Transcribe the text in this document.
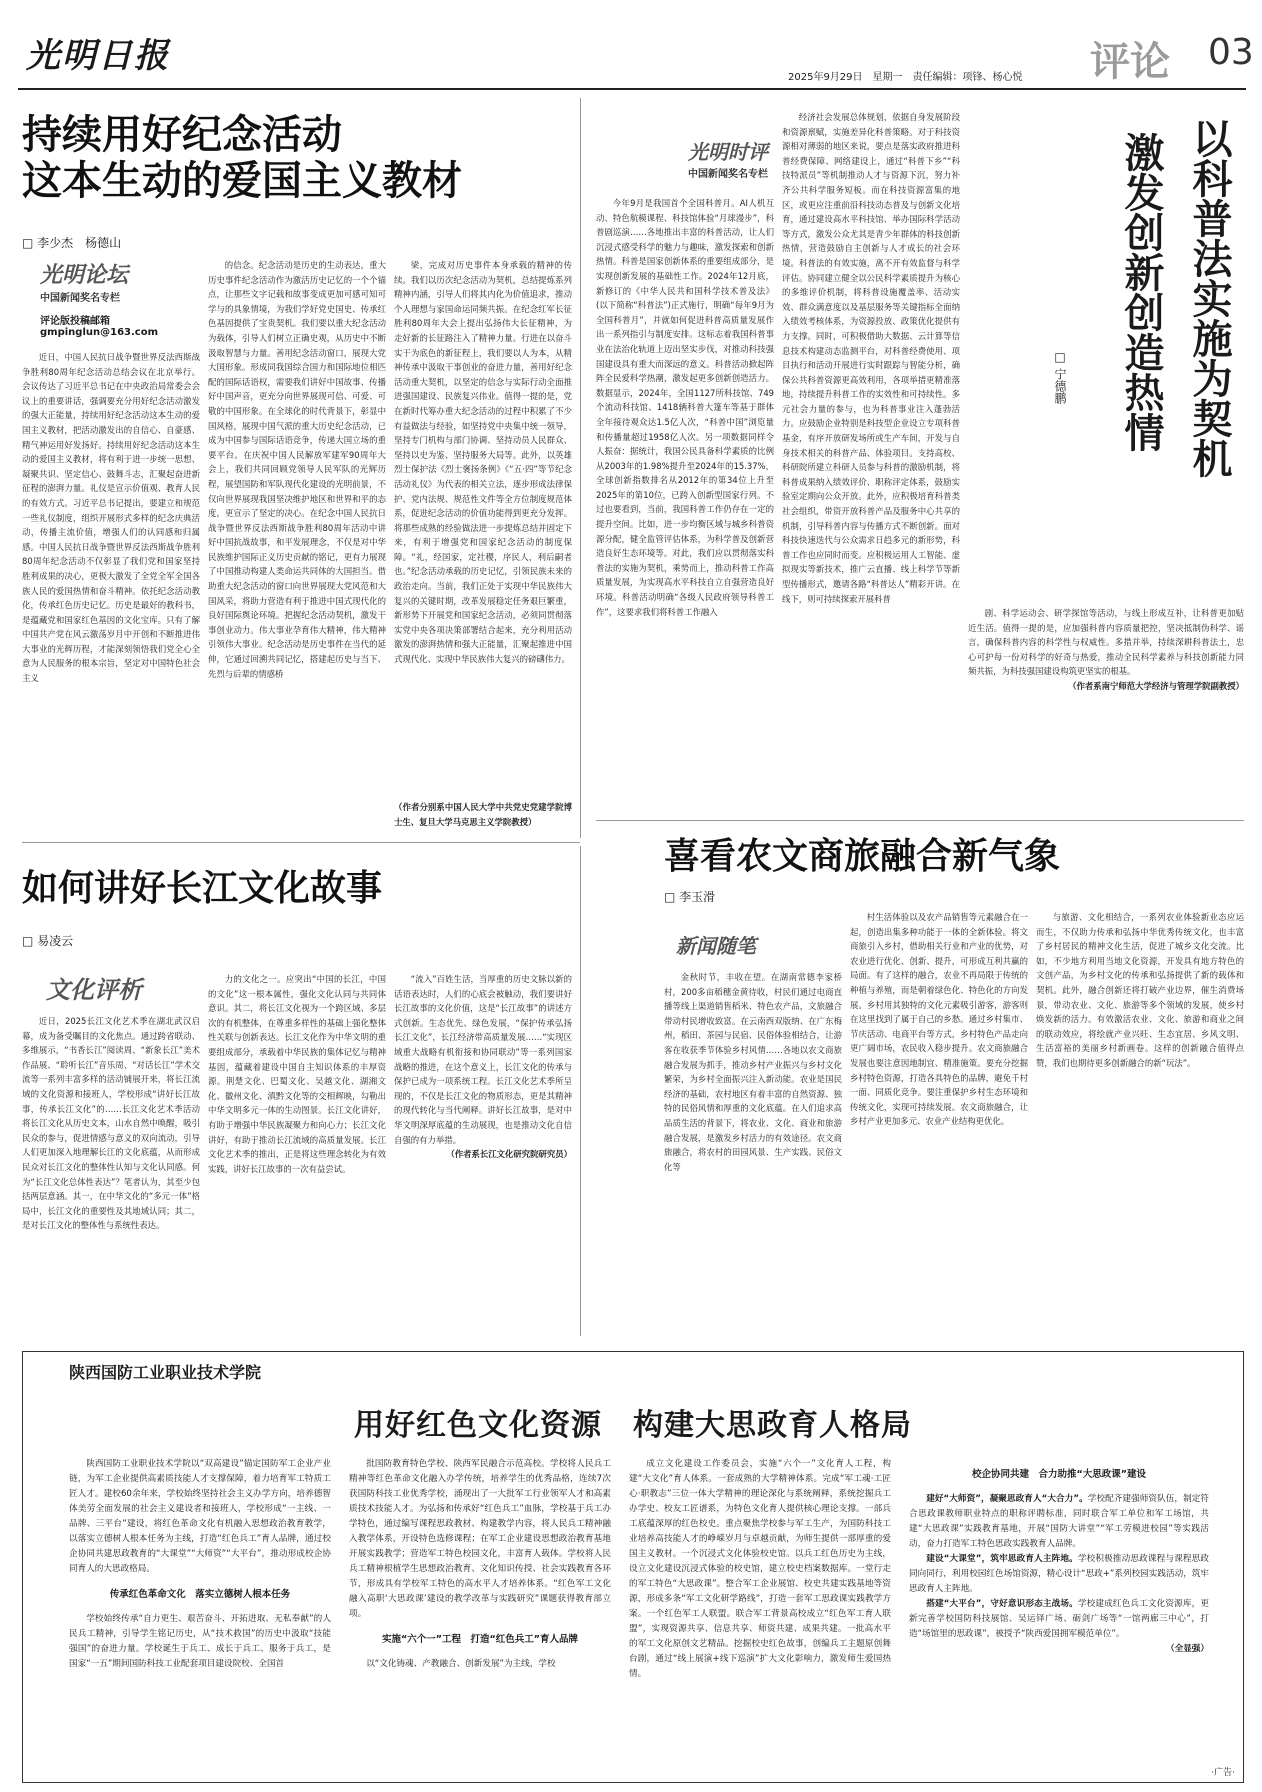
光明日报
2025年9月29日　星期一　责任编辑：项锋、杨心悦 评论 03
持续用好纪念活动
这本生动的爱国主义教材
□ 李少杰　杨德山
光明论坛
中国新闻奖名专栏
评论版投稿邮箱
gmpinglun@163.com

近日，中国人民抗日战争暨世界反法西斯战争胜利80周年纪念活动总结会议在北京举行。会议传达了习近平总书记在中央政治局常委会会议上的重要讲话，强调要充分用好纪念活动激发的强大正能量，持续用好纪念活动这本生动的爱国主义教材，把活动激发出的自信心、自豪感、精气神运用好发扬好。持续用好纪念活动这本生动的爱国主义教材，将有利于进一步统一思想、凝聚共识、坚定信心、鼓舞斗志，汇聚起奋进新征程的澎湃力量。礼仪是宣示价值观、教育人民的有效方式。习近平总书记提出，要建立和规范一些礼仪制度，组织开展形式多样的纪念庆典活动，传播主流价值，增强人们的认同感和归属感。中国人民抗日战争暨世界反法西斯战争胜利80周年纪念活动不仅彰显了我们党和国家坚持胜利成果的决心，更极大激发了全党全军全国各族人民的爱国热情和奋斗精神。依托纪念活动教化，传承红色历史记忆。历史是最好的教科书，是蕴藏党和国家红色基因的文化宝库。只有了解中国共产党在风云激荡岁月中开创和不断推进伟大事业的光辉历程，才能深刻领悟我们党全心全意为人民服务的根本宗旨，坚定对中国特色社会主义

的信念。纪念活动是历史的生动表达，重大历史事件纪念活动作为激活历史记忆的一个个锚点，让那些文字记载和故事变成更加可感可知可学与的具象情境，为我们学好党史国史、传承红色基因提供了宝贵契机。我们要以重大纪念活动为载体，引导人们树立正确史观，从历史中不断汲取智慧与力量。善用纪念活动窗口，展现大党大国形象。形成同我国综合国力和国际地位相匹配的国际话语权，需要我们讲好中国故事、传播好中国声音，更充分向世界展现可信、可爱、可敬的中国形象。在全球化的时代背景下，彰显中国风格，展现中国气派的重大历史纪念活动，已成为中国参与国际话语竞争，传递大国立场的重要平台。在庆祝中国人民解放军建军90周年大会上，我们共同回顾党领导人民军队的光辉历程，展望国防和军队现代化建设的光明前景，不仅向世界展现我国坚决维护地区和世界和平的态度，更宣示了坚定的决心。在纪念中国人民抗日战争暨世界反法西斯战争胜利80周年活动中讲好中国抗战故事，和平发展理念，不仅是对中华民族维护国际正义历史贡献的铭记，更有力展现了中国推动构建人类命运共同体的大国担当。借助重大纪念活动的窗口向世界展现大党风范和大国风采，将助力营造有利于推进中国式现代化的良好国际舆论环境。把握纪念活动契机，激发干事创业动力。伟大事业孕育伟大精神，伟大精神引领伟大事业。纪念活动是历史事件在当代的延伸，它通过回溯共同记忆，搭建起历史与当下、先烈与后辈的情感桥

梁，完成对历史事件本身承载的精神的传续。我们以历次纪念活动为契机，总结提炼系列精神内涵，引导人们将其内化为价值追求，推动个人理想与家国命运同频共振。在纪念红军长征胜利80周年大会上提出弘扬伟大长征精神，为走好新的长征路注入了精神力量。行进在以奋斗实干为底色的新征程上，我们要以人为本，从精神传承中汲取干事创业的奋进力量，善用好纪念活动重大契机，以坚定的信念与实际行动全面推进强国建设、民族复兴伟业。值得一提的是，党在新时代筹办重大纪念活动的过程中积累了不少有益做法与经验，如坚持党中央集中统一领导，坚持专门机构与部门协调、坚持动员人民群众、坚持以史为鉴、坚持服务大局等。此外，以英雄烈士保护法《烈士褒扬条例》《“五·四”等节纪念活动礼仪》为代表的相关立法，逐步形成法律保护、党内法规、规范性文件等全方位制度规范体系，促进纪念活动的价值功能得到更充分发挥。将那些成熟的经验做法进一步提炼总结并固定下来，有利于增强党和国家纪念活动的制度保障。“礼，经国家，定社稷，序民人，利后嗣者也。”纪念活动承载的历史记忆，引领民族未来的政治走向。当前，我们正处于实现中华民族伟大复兴的关键时期，改革发展稳定任务艰巨繁重，新形势下开展党和国家纪念活动，必须同贯彻落实党中央各项决策部署结合起来，充分利用活动激发的澎湃热情和强大正能量，汇聚起推进中国式现代化、实现中华民族伟大复兴的磅礴伟力。

（作者分别系中国人民大学中共党史党建学院博士生、复旦大学马克思主义学院教授）
光明时评
中国新闻奖名专栏

今年9月是我国首个全国科普月。AI人机互动、特色航模课程、科技馆体验“月球漫步”，科普剧巡演……各地推出丰富的科普活动，让人们沉浸式感受科学的魅力与趣味，激发探索和创新热情。科普是国家创新体系的重要组成部分，是实现创新发展的基础性工作。2024年12月底，新修订的《中华人民共和国科学技术普及法》(以下简称“科普法”)正式施行，明确“每年9月为全国科普月”，并就如何促进科普高质量发展作出一系列指引与制度安排。这标志着我国科普事业在法治化轨道上迈出坚实步伐，对推动科技强国建设具有重大而深远的意义。科普活动掀起阵阵全民爱科学热潮，激发起更多创新创造活力。数据显示，2024年，全国1127所科技馆、749个流动科技馆、1418辆科普大篷车等基于群体全年接待观众达1.5亿人次，“科普中国”浏览量和传播量超过1958亿人次。另一项数据同样令人振奋：据统计，我国公民具备科学素质的比例从2003年的1.98%提升至2024年的15.37%，全球创新指数排名从2012年的第34位上升至2025年的第10位，已跨入创新型国家行列。不过也要看到，当前，我国科普工作仍存在一定的提升空间。比如，进一步均衡区域与城乡科普资源分配，健全监管评估体系，为科学普及创新营造良好生态环境等。对此，我们应以贯彻落实科普法的实施为契机，乘势而上，推动科普工作高质量发展，为实现高水平科技自立自强营造良好环境。科普活动明确“各级人民政府领导科普工作”，这要求我们将科普工作融入

经济社会发展总体规划，依据自身发展阶段和资源禀赋，实施差异化科普策略。对于科技资源相对薄弱的地区来说，要点是落实政府推进科普经费保障、网络建设上，通过“科普下乡”“科技特派员”等机制推动人才与资源下沉，努力补齐公共科学服务短板。而在科技资源富集的地区，或更应注重前沿科技动态普及与创新文化培育，通过建设高水平科技馆、举办国际科学活动等方式，激发公众尤其是青少年群体的科技创新热情，营造鼓励自主创新与人才成长的社会环境。科普法的有效实施，离不开有效监督与科学评估。协同建立健全以公民科学素质提升为核心的多维评价机制，将科普设施覆盖率、活动实效、群众满意度以及基层服务等关键指标全面纳入绩效考核体系，为资源投放、政策优化提供有力支撑。同时，可积极借助大数据、云计算等信息技术构建动态监测平台，对科普经费使用、项目执行和活动开展进行实时跟踪与智能分析，确保公共科普资源更高效利用，各项举措更精准落地，持续提升科普工作的实效性和可持续性。多元社会力量的参与，也为科普事业注入蓬勃活力。应鼓励企业特别是科技型企业设立专项科普基金，有序开放研发场所或生产车间，开发与自身技术相关的科普产品、体验项目。支持高校、科研院所建立科研人员参与科普的激励机制，将科普成果纳入绩效评价、职称评定体系，鼓励实验室定期向公众开放。此外，应积极培育科普类社会组织，带资开放科普产品及服务中心共享的机制，引导科普内容与传播方式不断创新。面对科技快速迭代与公众需求日趋多元的新形势，科普工作也应同时而变。应积极运用人工智能、虚拟现实等新技术，推广云直播、线上科学节等新型传播形式，邀请各路“科普达人”精彩开讲。在线下，则可持续探索开展科普

剧、科学运动会、研学探馆等活动，与线上形成互补，让科普更加贴近生活。值得一提的是，应加强科普内容质量把控，坚决抵制伪科学、谣言，确保科普内容的科学性与权威性。多措并举，持续深耕科普法土，忠心可护每一份对科学的好奇与热爱，推动全民科学素养与科技创新能力同频共振，为科技强国建设构筑更坚实的根基。

（作者系南宁师范大学经济与管理学院副教授）
以科普法实施为契机
激发创新创造热情
□ 宁德鹏
如何讲好长江文化故事
□ 易凌云
文化评析

近日，2025长江文化艺术季在湖北武汉启幕，成为备受瞩目的文化焦点。通过跨省联动、多维展示，“书香长江”阅读周、“新象长江”美术作品展、“聆听长江”音乐周、“对话长江”学术交流等一系列丰富多样的活动铺展开来，将长江流域的文化资源和接班人，学校形成“讲好长江故事，传承长江文化”的……长江文化艺术季活动将长江文化从历史文本，山水自然中唤醒，吸引民众的参与，促进情感与意义的双向流动，引导人们更加深入地理解长江的文化底蕴，从而形成民众对长江文化的整体性认知与文化认同感。何为“长江文化总体性表达”？笔者认为，其至少包括两层意涵。其一，在中华文化的“多元一体”格局中，长江文化的重要性及其地域认同；其二，是对长江文化的整体性与系统性表达。

力的文化之一。应突出“中国的长江，中国的文化”这一根本属性，强化文化认同与共同体意识。其二，将长江文化视为一个跨区域、多层次的有机整体，在尊重多样性的基础上强化整体性关联与创新表达。长江文化作为中华文明的重要组成部分，承载着中华民族的集体记忆与精神基因，蕴藏着建设中国自主知识体系的丰厚资源。荆楚文化、巴蜀文化、吴越文化、湖湘文化、徽州文化、滇黔文化等的交相辉映，勾勒出中华文明多元一体的生动图景。长江文化讲好，有助于增强中华民族凝聚力和向心力；长江文化讲好，有助于推动长江流域的高质量发展。长江文化艺术季的推出，正是将这些理念转化为有效实践，讲好长江故事的一次有益尝试。

“流入”百姓生活，当厚重的历史文脉以新的话语表达时，人们的心底会被触动，我们要讲好长江故事的文化价值，这是“长江故事”的讲述方式创新。生态优先、绿色发展，“保护传承弘扬长江文化”，长江经济带高质量发展……“实现区域重大战略有机衔接和协同联动”等一系列国家战略的推进，在这个意义上，长江文化的传承与保护已成为一项系统工程。长江文化艺术季所呈现的，不仅是长江文化的物质形态，更是其精神的现代转化与当代阐释。讲好长江故事，是对中华文明深厚底蕴的生动展现，也是推动文化自信自强的有力举措。

（作者系长江文化研究院研究员）
喜看农文商旅融合新气象
□ 李玉滑
新闻随笔

金秋时节，丰收在望。在湖南常德李家桥村，200多亩稻穗金黄待收，村民们通过电商直播等线上渠道销售稻米、特色农产品，文旅融合带动村民增收致富。在云南西双版纳、在广东梅州，稻田、茶园与民宿、民俗体验相结合，让游客在收获季节体验乡村风情……各地以农文商旅融合发展为抓手，推动乡村产业振兴与乡村文化繁荣，为乡村全面振兴注入新动能。农业是国民经济的基础，农村地区有着丰富的自然资源、独特的民俗风情和厚重的文化底蕴。在人们追求高品质生活的背景下，将农业、文化、商业和旅游融合发展，是激发乡村活力的有效途径。农文商旅融合，将农村的田园风景、生产实践、民俗文化等

村生活体验以及农产品销售等元素融合在一起，创造出集多种功能于一体的全新体验。将文商旅引入乡村，借助相关行业和产业的优势，对农业进行优化、创新、提升，可形成互利共赢的局面。有了这样的融合，农业不再局限于传统的种植与养殖，而是朝着绿色化、特色化的方向发展。乡村用其独特的文化元素吸引游客，游客则在这里找到了属于自己的乡愁。通过乡村集市、节庆活动、电商平台等方式，乡村特色产品走向更广阔市场，农民收入稳步提升。农文商旅融合发展也要注意因地制宜、精准施策。要充分挖掘乡村特色资源，打造各具特色的品牌，避免千村一面、同质化竞争。要注重保护乡村生态环境和传统文化，实现可持续发展。农文商旅融合，让乡村产业更加多元、农业产业结构更优化。

与旅游、文化相结合，一系列农业体验新业态应运而生，不仅助力传承和弘扬中华优秀传统文化，也丰富了乡村居民的精神文化生活，促进了城乡文化交流。比如，不少地方利用当地文化资源，开发具有地方特色的文创产品，为乡村文化的传承和弘扬提供了新的载体和契机。此外，融合创新还将打破产业边界，催生消费场景，带动农业、文化、旅游等多个领域的发展，使乡村焕发新的活力。有效激活农业、文化、旅游和商业之间的联动效应，将绘就产业兴旺、生态宜居、乡风文明、生活富裕的美丽乡村新画卷。这样的创新融合值得点赞，我们也期待更多创新融合的新“玩法”。

陕西国防工业职业技术学院
用好红色文化资源　构建大思政育人格局

陕西国防工业职业技术学院以“双高建设”锚定国防军工企业产业链，为军工企业提供高素质技能人才支撑保障，着力培育军工特质工匠人才。建校60余年来，学校始终坚持社会主义办学方向，培养德智体美劳全面发展的社会主义建设者和接班人，学校形成“一主线、一品牌、三平台”建设，将红色革命文化有机融入思想政治教育教学，以落实立德树人根本任务为主线，打造“红色兵工”育人品牌，通过校企协同共建思政教育的“大课堂”“大师资”“大平台”，推动形成校企协同育人的大思政格局。

传承红色革命文化　落实立德树人根本任务

学校始终传承“自力更生、艰苦奋斗、开拓进取、无私奉献”的人民兵工精神，引导学生铭记历史，从“技术救国”的历史中汲取“技能强国”的奋进力量。学校诞生于兵工、成长于兵工、服务于兵工，是国家“一五”期间国防科技工业配套项目建设院校、全国首

批国防教育特色学校、陕西军民融合示范高校。学校将人民兵工精神等红色革命文化融入办学传统，培养学生的优秀品格，连续7次获国防科技工业优秀学校，涌现出了一大批军工行业领军人才和高素质技术技能人才。为弘扬和传承好“红色兵工”血脉，学校基于兵工办学特色，通过编写课程思政教材、构建教学内容，将人民兵工精神融入教学体系，开设特色选修课程；在军工企业建设思想政治教育基地开展实践教学；营造军工特色校园文化，丰富育人载体。学校将人民兵工精神根植学生思想政治教育、文化知识传授、社会实践教育各环节，形成具有学校军工特色的高水平人才培养体系。“红色军工文化融入高职‘大思政课’建设的教学改革与实践研究”课题获得教育部立项。

实施“六个一”工程　打造“红色兵工”育人品牌

以“文化铸魂、产教融合、创新发展”为主线，学校

成立文化建设工作委员会，实施“六个一”文化育人工程，构建“大文化”育人体系。一套成熟的大学精神体系。完成“军工魂·工匠心·职教志”三位一体大学精神的理论深化与系统阐释，系统挖掘兵工办学史、校友工匠谱系，为特色文化育人提供核心理论支撑。一部兵工底蕴深厚的红色校史。重点聚焦学校参与军工生产，为国防科技工业培养高技能人才的峥嵘岁月与卓越贡献，为师生提供一部厚重的爱国主义教材。一个沉浸式文化体验校史馆。以兵工红色历史为主线，设立文化建设沉浸式体验的校史馆，建立校史档案数据库。一堂行走的军工特色“大思政课”。整合军工企业展馆、校史共建实践基地等资源，形成多条“军工文化研学路线”，打造一套军工思政课实践教学方案。一个红色军工人联盟。联合军工背景高校成立“红色军工育人联盟”，实现资源共享、信息共享、师资共建、成果共建。一批高水平的军工文化原创文艺精品。挖掘校史红色故事，创编兵工主题原创舞台剧，通过“线上展演+线下巡演”扩大文化影响力，激发师生爱国热情。

校企协同共建　合力助推“大思政课”建设

建好“大师资”，凝聚思政育人“大合力”。学校配齐建强师资队伍，制定符合思政课教师职业特点的职称评聘标准，同时联合军工单位和军工场馆，共建“大思政课”实践教育基地，开展“国防大讲堂”“军工劳模进校园”等实践活动，奋力打造军工特色思政实践教育人品牌。

建设“大课堂”，筑牢思政育人主阵地。学校积极推动思政课程与课程思政同向同行，利用校园红色场馆资源，精心设计“思政+”系列校园实践活动，筑牢思政育人主阵地。

搭建“大平台”，守好意识形态主战场。学校建成红色兵工文化资源库，更新完善学校国防科技展馆、吴运铎广场、砺剑广场等“一馆两廊三中心”，打造“场馆里的思政课”，被授予“陕西爱国拥军模范单位”。

（全显强）
·广告·
